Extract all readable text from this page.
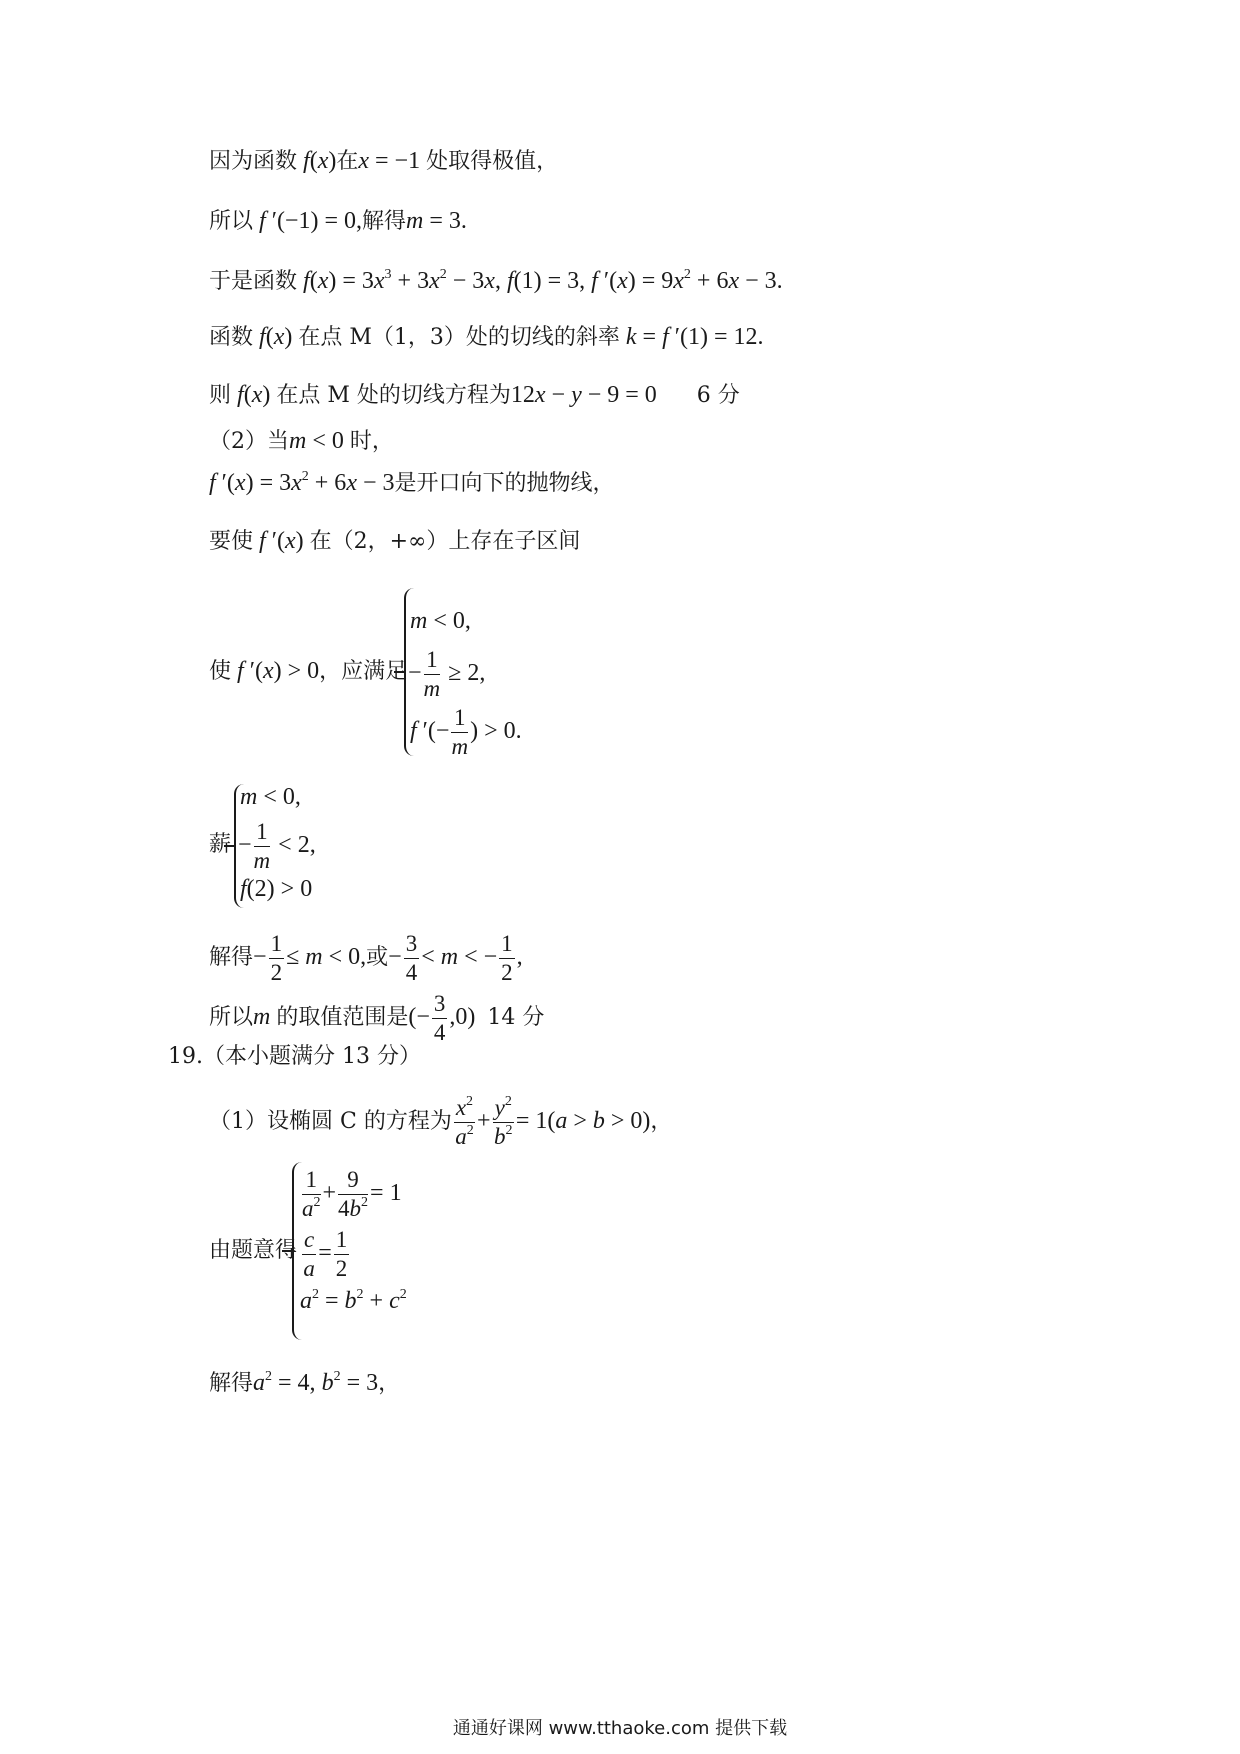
因为函数 f(x)在x = −1 处取得极值，
所以 f ′(−1) = 0,解得m = 3.
于是函数 $f(x) = 3x^3 + 3x^2 - 3x$, f(1) = 3, f $'(x) = 9x^2 + 6x - 3$.
函数 f(x) 在点 M（1，3）处的切线的斜率 k = f ′(1) = 12.
则 f(x) 在点 M 处的切线方程为12x − y − 9 = 0 6 分
（2）当m < 0 时，
f $'(x) = 3x^2 + 6x - 3$是开口向下的抛物线，
要使 f ′(x) 在（2，+∞）上存在子区间
使 f ′(x) > 0，应满足
m < 0,
− $\frac{1}{m} \ge 2$,
f ′(− $\frac{1}{m}$ ) > 0.
薪
m < 0,
− $\frac{1}{m} < 2$,
f(2) > 0
解得− $\frac{1}{2} \le m < 0$,或− $\frac{3}{4} < m$ < − $\frac{1}{2}$ ,
所以m 的取值范围是(− $\frac{3}{4} ,0$) 14 分
19.（本小题满分 13 分）
（1）设椭圆 C 的方程为 $\frac{x^2}{a^2} + \frac{y^2}{b^2} = 1(a > b > 0)$，
由题意得
$\frac{1}{a^2} + \frac{9}{4b^2} = 1$
$\frac{c}{a} = \frac{1}{2}$
$a^2 = b^2 + c^2$
解得$a^2 = 4$, $b^2 = 3$，
通通好课网 www.tthaoke.com 提供下载
